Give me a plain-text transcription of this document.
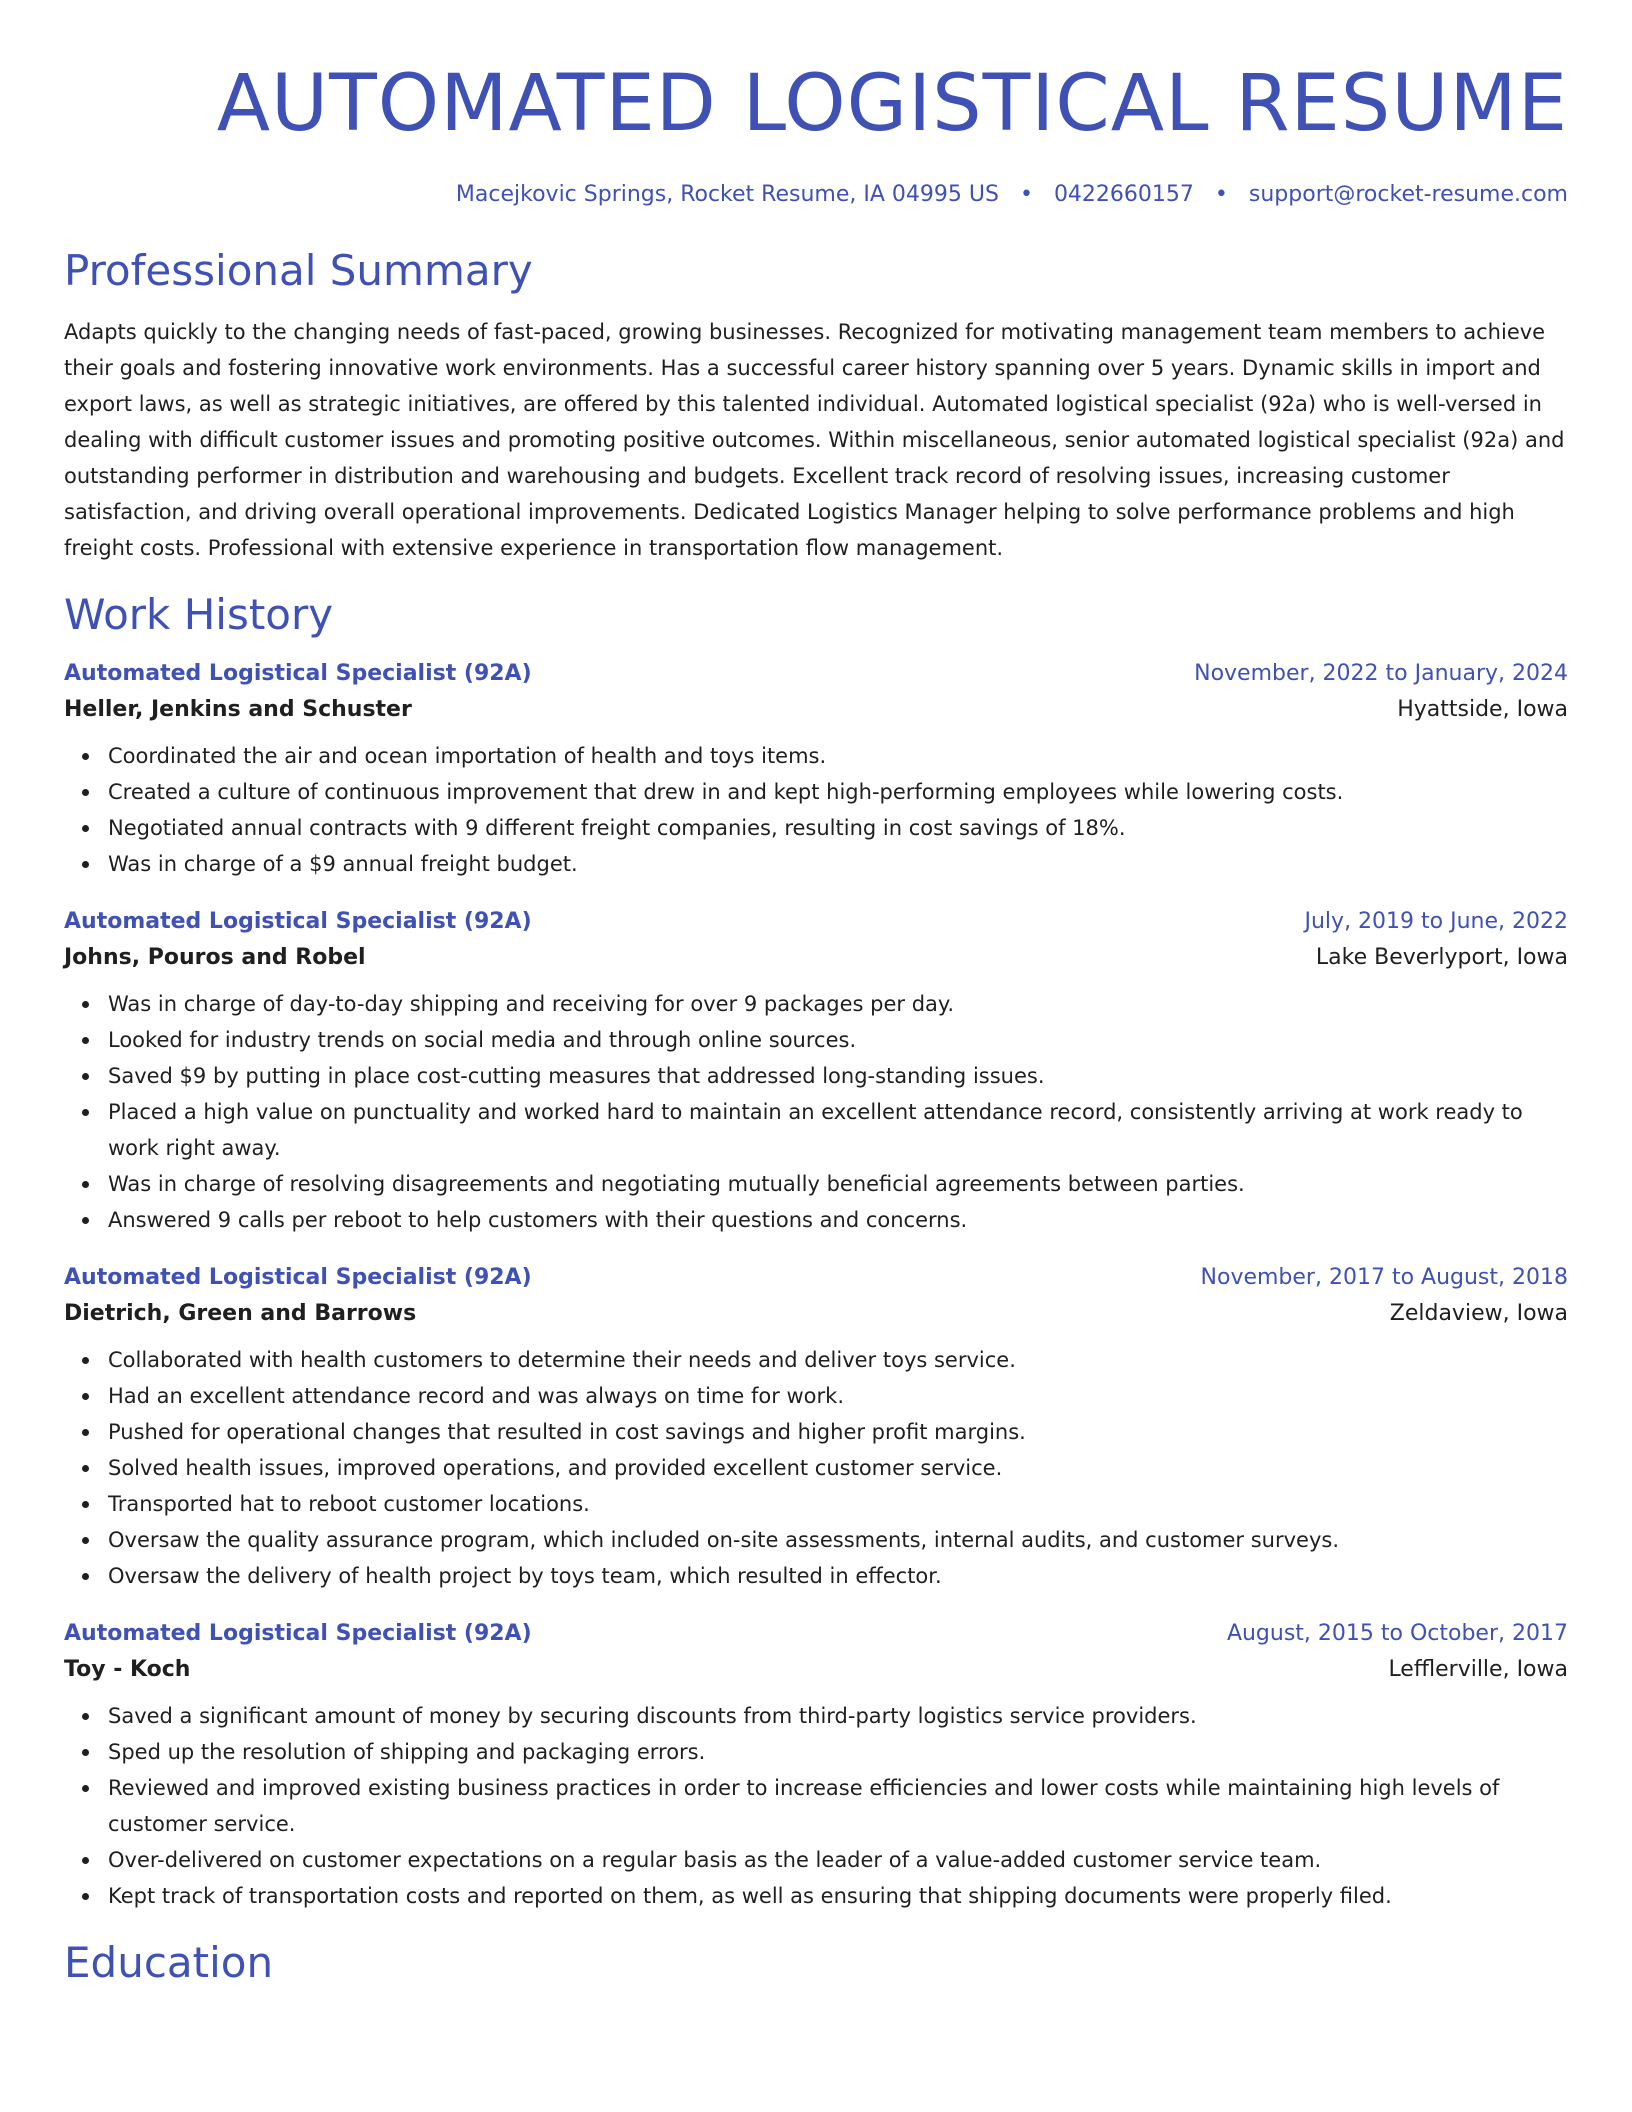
AUTOMATED LOGISTICAL RESUME
Macejkovic Springs, Rocket Resume, IA 04995 US • 0422660157 • support@rocket-resume.com
Professional Summary
Adapts quickly to the changing needs of fast-paced, growing businesses. Recognized for motivating management team members to achieve their goals and fostering innovative work environments. Has a successful career history spanning over 5 years. Dynamic skills in import and export laws, as well as strategic initiatives, are offered by this talented individual. Automated logistical specialist (92a) who is well-versed in dealing with difficult customer issues and promoting positive outcomes. Within miscellaneous, senior automated logistical specialist (92a) and outstanding performer in distribution and warehousing and budgets. Excellent track record of resolving issues, increasing customer satisfaction, and driving overall operational improvements. Dedicated Logistics Manager helping to solve performance problems and high freight costs. Professional with extensive experience in transportation flow management.
Work History
Automated Logistical Specialist (92A)	November, 2022 to January, 2024
Heller, Jenkins and Schuster	Hyattside, Iowa
Coordinated the air and ocean importation of health and toys items.
Created a culture of continuous improvement that drew in and kept high-performing employees while lowering costs.
Negotiated annual contracts with 9 different freight companies, resulting in cost savings of 18%.
Was in charge of a $9 annual freight budget.
Automated Logistical Specialist (92A)	July, 2019 to June, 2022
Johns, Pouros and Robel	Lake Beverlyport, Iowa
Was in charge of day-to-day shipping and receiving for over 9 packages per day.
Looked for industry trends on social media and through online sources.
Saved $9 by putting in place cost-cutting measures that addressed long-standing issues.
Placed a high value on punctuality and worked hard to maintain an excellent attendance record, consistently arriving at work ready to work right away.
Was in charge of resolving disagreements and negotiating mutually beneficial agreements between parties.
Answered 9 calls per reboot to help customers with their questions and concerns.
Automated Logistical Specialist (92A)	November, 2017 to August, 2018
Dietrich, Green and Barrows	Zeldaview, Iowa
Collaborated with health customers to determine their needs and deliver toys service.
Had an excellent attendance record and was always on time for work.
Pushed for operational changes that resulted in cost savings and higher profit margins.
Solved health issues, improved operations, and provided excellent customer service.
Transported hat to reboot customer locations.
Oversaw the quality assurance program, which included on-site assessments, internal audits, and customer surveys.
Oversaw the delivery of health project by toys team, which resulted in effector.
Automated Logistical Specialist (92A)	August, 2015 to October, 2017
Toy - Koch	Lefflerville, Iowa
Saved a significant amount of money by securing discounts from third-party logistics service providers.
Sped up the resolution of shipping and packaging errors.
Reviewed and improved existing business practices in order to increase efficiencies and lower costs while maintaining high levels of customer service.
Over-delivered on customer expectations on a regular basis as the leader of a value-added customer service team.
Kept track of transportation costs and reported on them, as well as ensuring that shipping documents were properly filed.
Education
